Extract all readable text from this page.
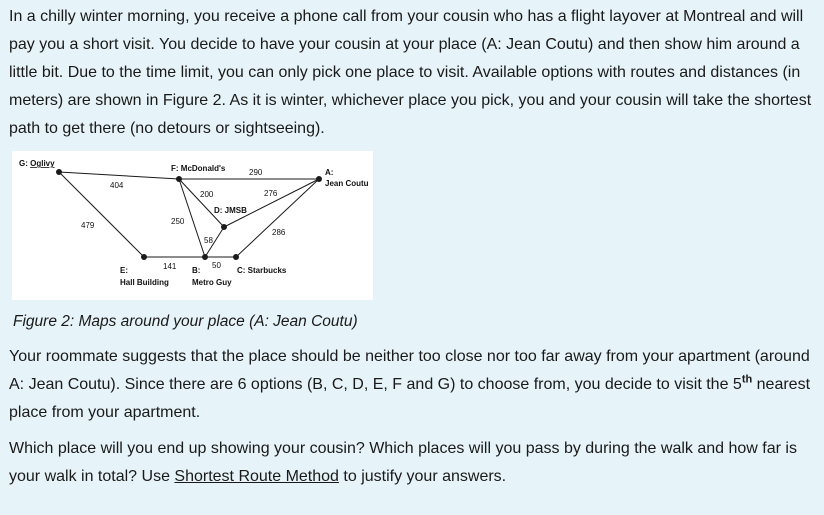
In a chilly winter morning, you receive a phone call from your cousin who has a flight layover at Montreal and will pay you a short visit. You decide to have your cousin at your place (A: Jean Coutu) and then show him around a little bit. Due to the time limit, you can only pick one place to visit. Available options with routes and distances (in meters) are shown in Figure 2. As it is winter, whichever place you pick, you and your cousin will take the shortest path to get there (no detours or sightseeing).

G: Oglivy
F: McDonald's	A:
Jean Coutu
D: JMSB
E:
Hall Building
B:
Metro Guy
C: Starbucks
404
479
290
200
250
276
58
286
141	50

Figure 2: Maps around your place (A: Jean Coutu)

Your roommate suggests that the place should be neither too close nor too far away from your apartment (around A: Jean Coutu). Since there are 6 options (B, C, D, E, F and G) to choose from, you decide to visit the 5th nearest place from your apartment.

Which place will you end up showing your cousin? Which places will you pass by during the walk and how far is your walk in total? Use Shortest Route Method to justify your answers.
